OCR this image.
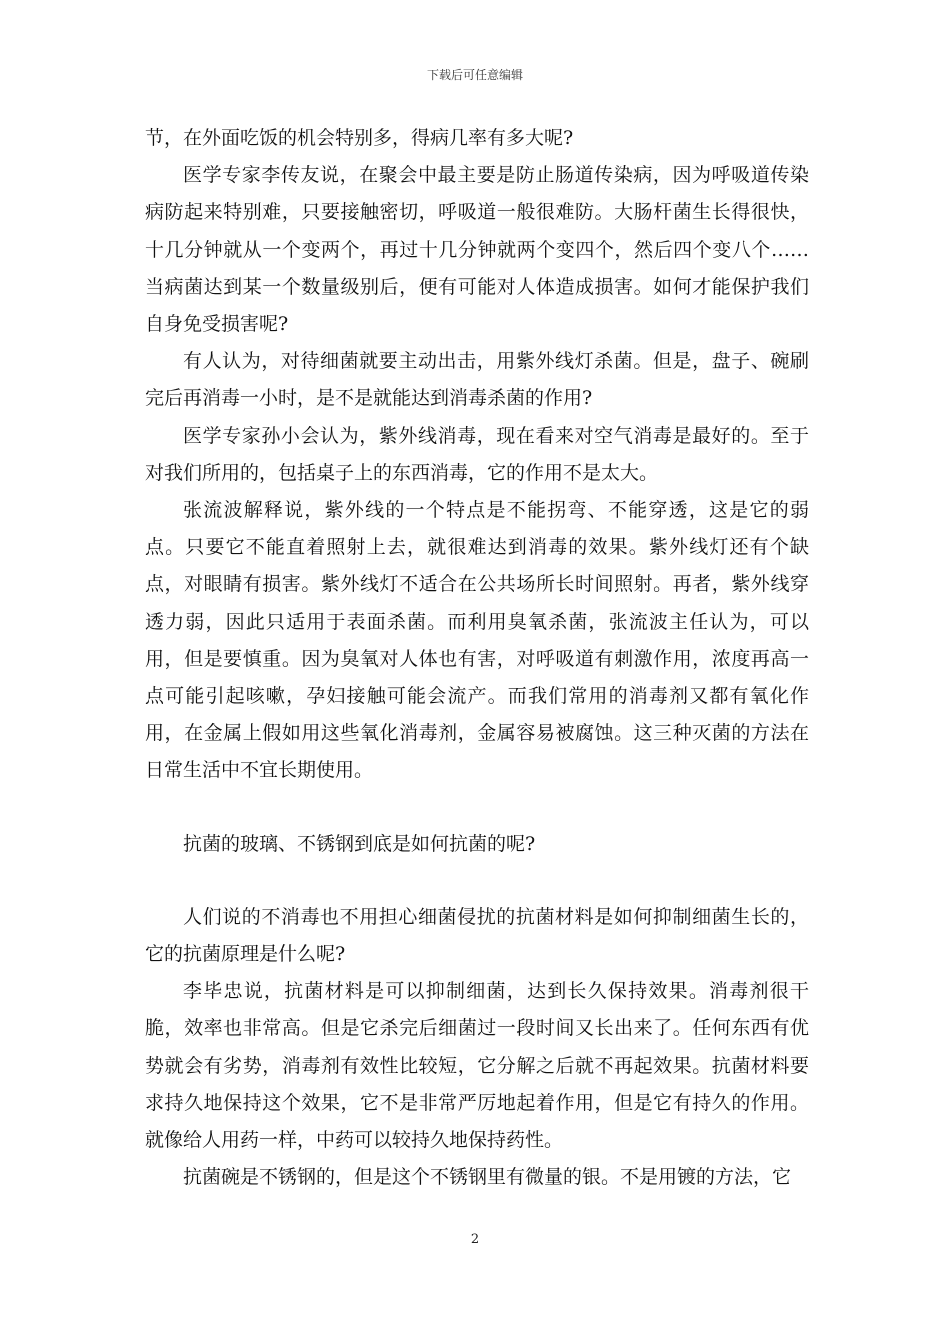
下载后可任意编辑

节，在外面吃饭的机会特别多，得病几率有多大呢?

医学专家李传友说，在聚会中最主要是防止肠道传染病，因为呼吸道传染病防起来特别难，只要接触密切，呼吸道一般很难防。大肠杆菌生长得很快，十几分钟就从一个变两个，再过十几分钟就两个变四个，然后四个变八个……当病菌达到某一个数量级别后，便有可能对人体造成损害。如何才能保护我们自身免受损害呢?

有人认为，对待细菌就要主动出击，用紫外线灯杀菌。但是，盘子、碗刷完后再消毒一小时，是不是就能达到消毒杀菌的作用?

医学专家孙小会认为，紫外线消毒，现在看来对空气消毒是最好的。至于对我们所用的，包括桌子上的东西消毒，它的作用不是太大。

张流波解释说，紫外线的一个特点是不能拐弯、不能穿透，这是它的弱点。只要它不能直着照射上去，就很难达到消毒的效果。紫外线灯还有个缺点，对眼睛有损害。紫外线灯不适合在公共场所长时间照射。再者，紫外线穿透力弱，因此只适用于表面杀菌。而利用臭氧杀菌，张流波主任认为，可以用，但是要慎重。因为臭氧对人体也有害，对呼吸道有刺激作用，浓度再高一点可能引起咳嗽，孕妇接触可能会流产。而我们常用的消毒剂又都有氧化作用，在金属上假如用这些氧化消毒剂，金属容易被腐蚀。这三种灭菌的方法在日常生活中不宜长期使用。

抗菌的玻璃、不锈钢到底是如何抗菌的呢?

人们说的不消毒也不用担心细菌侵扰的抗菌材料是如何抑制细菌生长的，它的抗菌原理是什么呢?

李毕忠说，抗菌材料是可以抑制细菌，达到长久保持效果。消毒剂很干脆，效率也非常高。但是它杀完后细菌过一段时间又长出来了。任何东西有优势就会有劣势，消毒剂有效性比较短，它分解之后就不再起效果。抗菌材料要求持久地保持这个效果，它不是非常严厉地起着作用，但是它有持久的作用。就像给人用药一样，中药可以较持久地保持药性。

抗菌碗是不锈钢的，但是这个不锈钢里有微量的银。不是用镀的方法，它

2
